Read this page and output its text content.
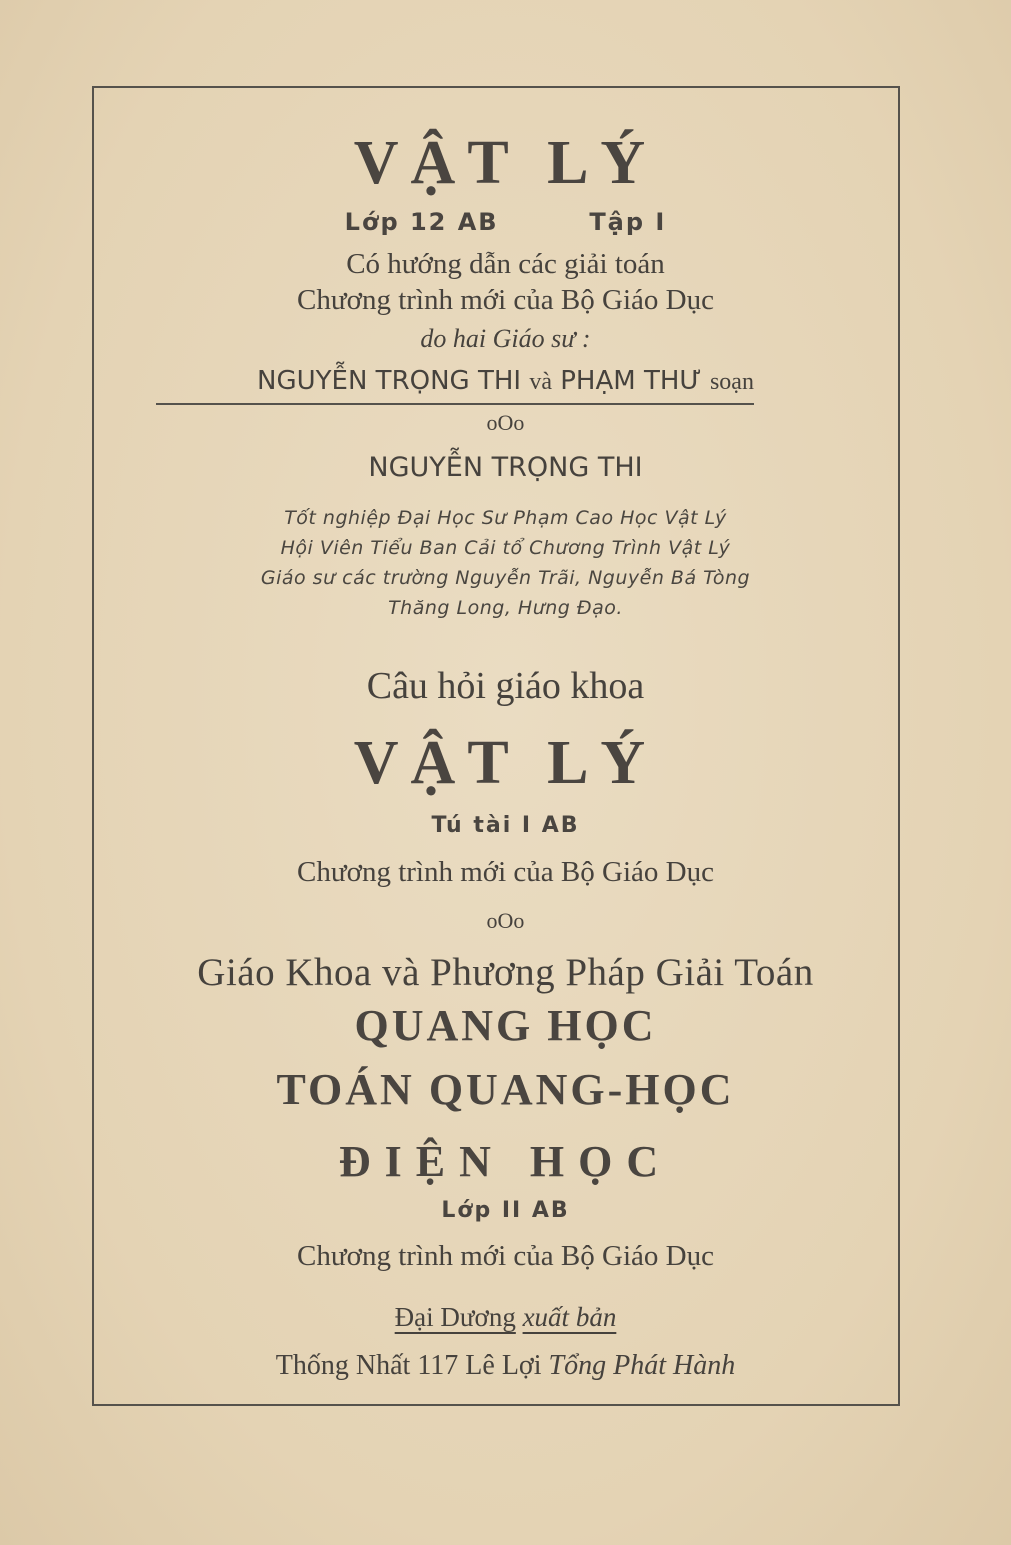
VẬT LÝ
Lớp 12 AB	Tập I
Có hướng dẫn các giải toán
Chương trình mới của Bộ Giáo Dục
do hai Giáo sư :
NGUYỄN TRỌNG THI và PHẠM THƯ soạn
oOo
NGUYỄN TRỌNG THI
Tốt nghiệp Đại Học Sư Phạm Cao Học Vật Lý
Hội Viên Tiểu Ban Cải tổ Chương Trình Vật Lý
Giáo sư các trường Nguyễn Trãi, Nguyễn Bá Tòng
Thăng Long, Hưng Đạo.
Câu hỏi giáo khoa
VẬT LÝ
Tú tài I AB
Chương trình mới của Bộ Giáo Dục
oOo
Giáo Khoa và Phương Pháp Giải Toán
QUANG HỌC
TOÁN QUANG-HỌC
ĐIỆN HỌC
Lớp II AB
Chương trình mới của Bộ Giáo Dục
Đại Dương xuất bản
Thống Nhất 117 Lê Lợi Tổng Phát Hành
